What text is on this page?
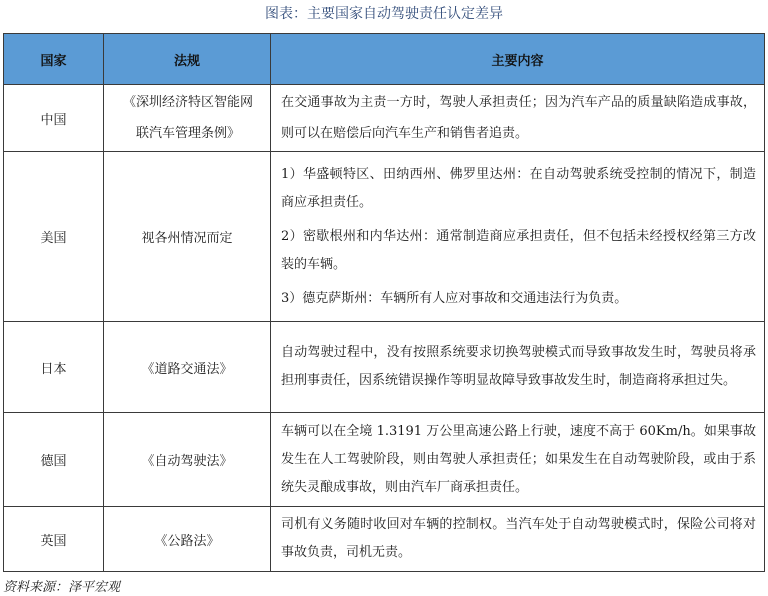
图表：主要国家自动驾驶责任认定差异
国家	法规	主要内容
中国	《深圳经济特区智能网联汽车管理条例》	在交通事故为主责一方时，驾驶人承担责任；因为汽车产品的质量缺陷造成事故，则可以在赔偿后向汽车生产和销售者追责。

美国	视各州情况而定	1）华盛顿特区、田纳西州、佛罗里达州：在自动驾驶系统受控制的情况下，制造商应承担责任。
2）密歇根州和内华达州：通常制造商应承担责任，但不包括未经授权经第三方改装的车辆。
3）德克萨斯州：车辆所有人应对事故和交通违法行为负责。

日本	《道路交通法》	自动驾驶过程中，没有按照系统要求切换驾驶模式而导致事故发生时，驾驶员将承担刑事责任，因系统错误操作等明显故障导致事故发生时，制造商将承担过失。

德国	《自动驾驶法》	车辆可以在全境 1.3191 万公里高速公路上行驶，速度不高于 60Km/h。如果事故发生在人工驾驶阶段，则由驾驶人承担责任；如果发生在自动驾驶阶段，或由于系统失灵酿成事故，则由汽车厂商承担责任。

英国	《公路法》	司机有义务随时收回对车辆的控制权。当汽车处于自动驾驶模式时，保险公司将对事故负责，司机无责。
资料来源：泽平宏观
